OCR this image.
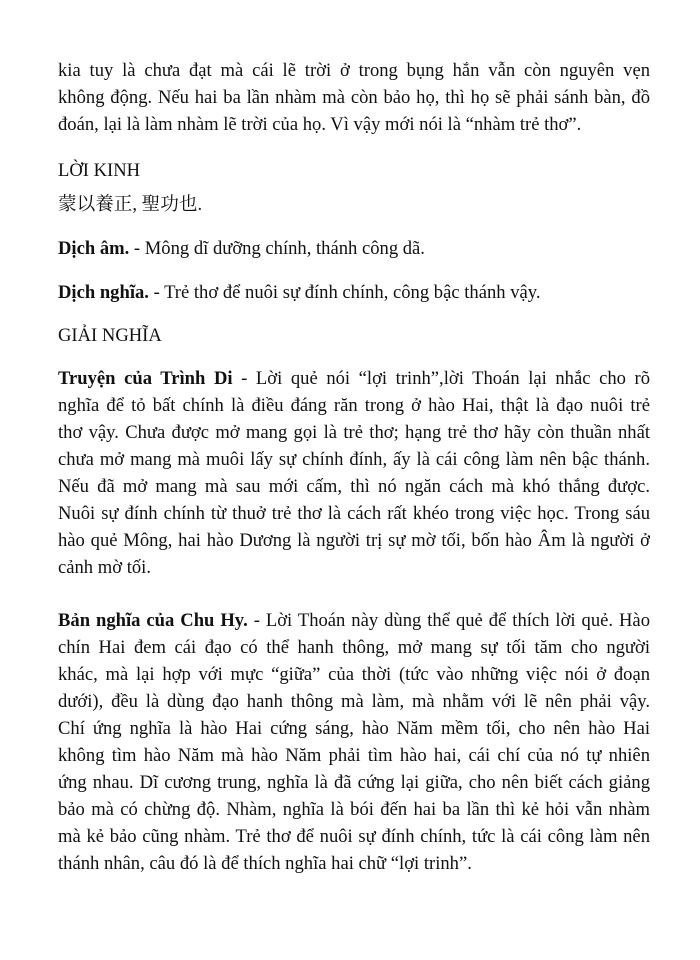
kia tuy là chưa đạt mà cái lẽ trời ở trong bụng hắn vẫn còn nguyên vẹn
không động. Nếu hai ba lần nhàm mà còn bảo họ, thì họ sẽ phải sánh bàn, đồ
đoán, lại là làm nhàm lẽ trời của họ. Vì vậy mới nói là “nhàm trẻ thơ”.
LỜI KINH
蒙以養正, 聖功也.
Dịch âm. - Mông dĩ dưỡng chính, thánh công dã.
Dịch nghĩa. - Trẻ thơ để nuôi sự đính chính, công bậc thánh vậy.
GIẢI NGHĨA
Truyện của Trình Di - Lời quẻ nói “lợi trinh”,lời Thoán lại nhắc cho rõ
nghĩa để tỏ bất chính là điều đáng răn trong ở hào Hai, thật là đạo nuôi trẻ
thơ vậy. Chưa được mở mang gọi là trẻ thơ; hạng trẻ thơ hãy còn thuần nhất
chưa mở mang mà muôi lấy sự chính đính, ấy là cái công làm nên bậc thánh.
Nếu đã mở mang mà sau mới cấm, thì nó ngăn cách mà khó thắng được.
Nuôi sự đính chính từ thuở trẻ thơ là cách rất khéo trong việc học. Trong sáu
hào quẻ Mông, hai hào Dương là người trị sự mờ tối, bốn hào Âm là người ở
cảnh mờ tối.
Bản nghĩa của Chu Hy. - Lời Thoán này dùng thể quẻ để thích lời quẻ. Hào
chín Hai đem cái đạo có thể hanh thông, mở mang sự tối tăm cho người
khác, mà lại hợp với mực “giữa” của thời (tức vào những việc nói ở đoạn
dưới), đều là dùng đạo hanh thông mà làm, mà nhằm với lẽ nên phải vậy.
Chí ứng nghĩa là hào Hai cứng sáng, hào Năm mềm tối, cho nên hào Hai
không tìm hào Năm mà hào Năm phải tìm hào hai, cái chí của nó tự nhiên
ứng nhau. Dĩ cương trung, nghĩa là đã cứng lại giữa, cho nên biết cách giảng
bảo mà có chừng độ. Nhàm, nghĩa là bói đến hai ba lần thì kẻ hỏi vẫn nhàm
mà kẻ bảo cũng nhàm. Trẻ thơ để nuôi sự đính chính, tức là cái công làm nên
thánh nhân, câu đó là để thích nghĩa hai chữ “lợi trinh”.
